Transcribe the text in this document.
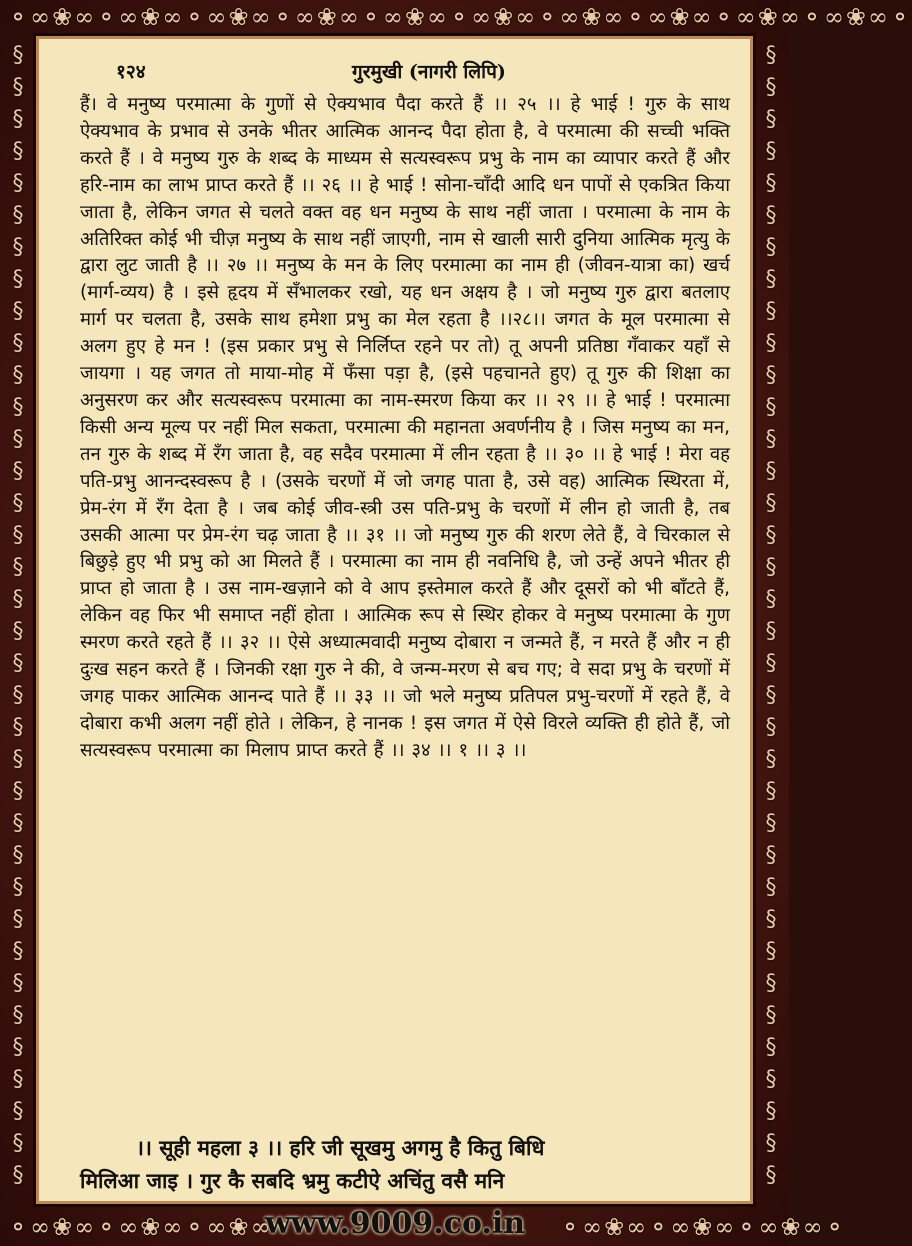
⚬∞❀∞⚬∞❀∞⚬∞❀∞⚬∞❀∞⚬∞❀∞⚬∞❀∞⚬∞❀∞⚬∞❀∞⚬∞❀∞⚬∞❀∞⚬
§
§
§
§
§
§
§
§
§
§
§
§
§
§
§
§
§
§
§
§
§
§
§
§
§
§
§
§
§
§
§
§
§
§
§
§
§
§
§
§
§
§
§
§
§
§
§
§
§
§
§
§
§
§
§
§
§
§
§
§
§
§
§
§
§
§
§
§
§
§
§
§
⚬∞❀∞⚬∞❀∞⚬∞❀∞⚬	⚬∞❀∞⚬∞❀∞⚬∞❀∞⚬
१२४	गुरमुखी (नागरी लिपि)
हैं। वे मनुष्य परमात्मा के गुणों से ऐक्यभाव पैदा करते हैं ।। २५ ।। हे भाई ! गुरु के साथ ऐक्यभाव के प्रभाव से उनके भीतर आत्मिक आनन्द पैदा होता है, वे परमात्मा की सच्ची भक्ति करते हैं । वे मनुष्य गुरु के शब्द के माध्यम से सत्यस्वरूप प्रभु के नाम का व्यापार करते हैं और हरि-नाम का लाभ प्राप्त करते हैं ।। २६ ।। हे भाई ! सोना-चाँदी आदि धन पापों से एकत्रित किया जाता है, लेकिन जगत से चलते वक्त वह धन मनुष्य के साथ नहीं जाता । परमात्मा के नाम के अतिरिक्त कोई भी चीज़ मनुष्य के साथ नहीं जाएगी, नाम से खाली सारी दुनिया आत्मिक मृत्यु के द्वारा लुट जाती है ।। २७ ।। मनुष्य के मन के लिए परमात्मा का नाम ही (जीवन-यात्रा का) खर्च (मार्ग-व्यय) है । इसे हृदय में सँभालकर रखो, यह धन अक्षय है । जो मनुष्य गुरु द्वारा बतलाए मार्ग पर चलता है, उसके साथ हमेशा प्रभु का मेल रहता है ।।२८।। जगत के मूल परमात्मा से अलग हुए हे मन ! (इस प्रकार प्रभु से निर्लिप्त रहने पर तो) तू अपनी प्रतिष्ठा गँवाकर यहाँ से जायगा । यह जगत तो माया-मोह में फँसा पड़ा है, (इसे पहचानते हुए) तू गुरु की शिक्षा का अनुसरण कर और सत्यस्वरूप परमात्मा का नाम-स्मरण किया कर ।। २९ ।। हे भाई ! परमात्मा किसी अन्य मूल्य पर नहीं मिल सकता, परमात्मा की महानता अवर्णनीय है । जिस मनुष्य का मन, तन गुरु के शब्द में रँग जाता है, वह सदैव परमात्मा में लीन रहता है ।। ३० ।। हे भाई ! मेरा वह पति-प्रभु आनन्दस्वरूप है । (उसके चरणों में जो जगह पाता है, उसे वह) आत्मिक स्थिरता में, प्रेम-रंग में रँग देता है । जब कोई जीव-स्त्री उस पति-प्रभु के चरणों में लीन हो जाती है, तब उसकी आत्मा पर प्रेम-रंग चढ़ जाता है ।। ३१ ।। जो मनुष्य गुरु की शरण लेते हैं, वे चिरकाल से बिछुड़े हुए भी प्रभु को आ मिलते हैं । परमात्मा का नाम ही नवनिधि है, जो उन्हें अपने भीतर ही प्राप्त हो जाता है । उस नाम-खज़ाने को वे आप इस्तेमाल करते हैं और दूसरों को भी बाँटते हैं, लेकिन वह फिर भी समाप्त नहीं होता । आत्मिक रूप से स्थिर होकर वे मनुष्य परमात्मा के गुण स्मरण करते रहते हैं ।। ३२ ।। ऐसे अध्यात्मवादी मनुष्य दोबारा न जन्मते हैं, न मरते हैं और न ही दुःख सहन करते हैं । जिनकी रक्षा गुरु ने की, वे जन्म-मरण से बच गए; वे सदा प्रभु के चरणों में जगह पाकर आत्मिक आनन्द पाते हैं ।। ३३ ।। जो भले मनुष्य प्रतिपल प्रभु-चरणों में रहते हैं, वे दोबारा कभी अलग नहीं होते । लेकिन, हे नानक ! इस जगत में ऐसे विरले व्यक्ति ही होते हैं, जो सत्यस्वरूप परमात्मा का मिलाप प्राप्त करते हैं ।। ३४ ।। १ ।। ३ ।।
।। सूही महला ३ ।। हरि जी सूखमु अगमु है कितु बिधि
मिलिआ जाइ । गुर कै सबदि भ्रमु कटीऐ अचिंतु वसै मनि
www.9009.co.in
